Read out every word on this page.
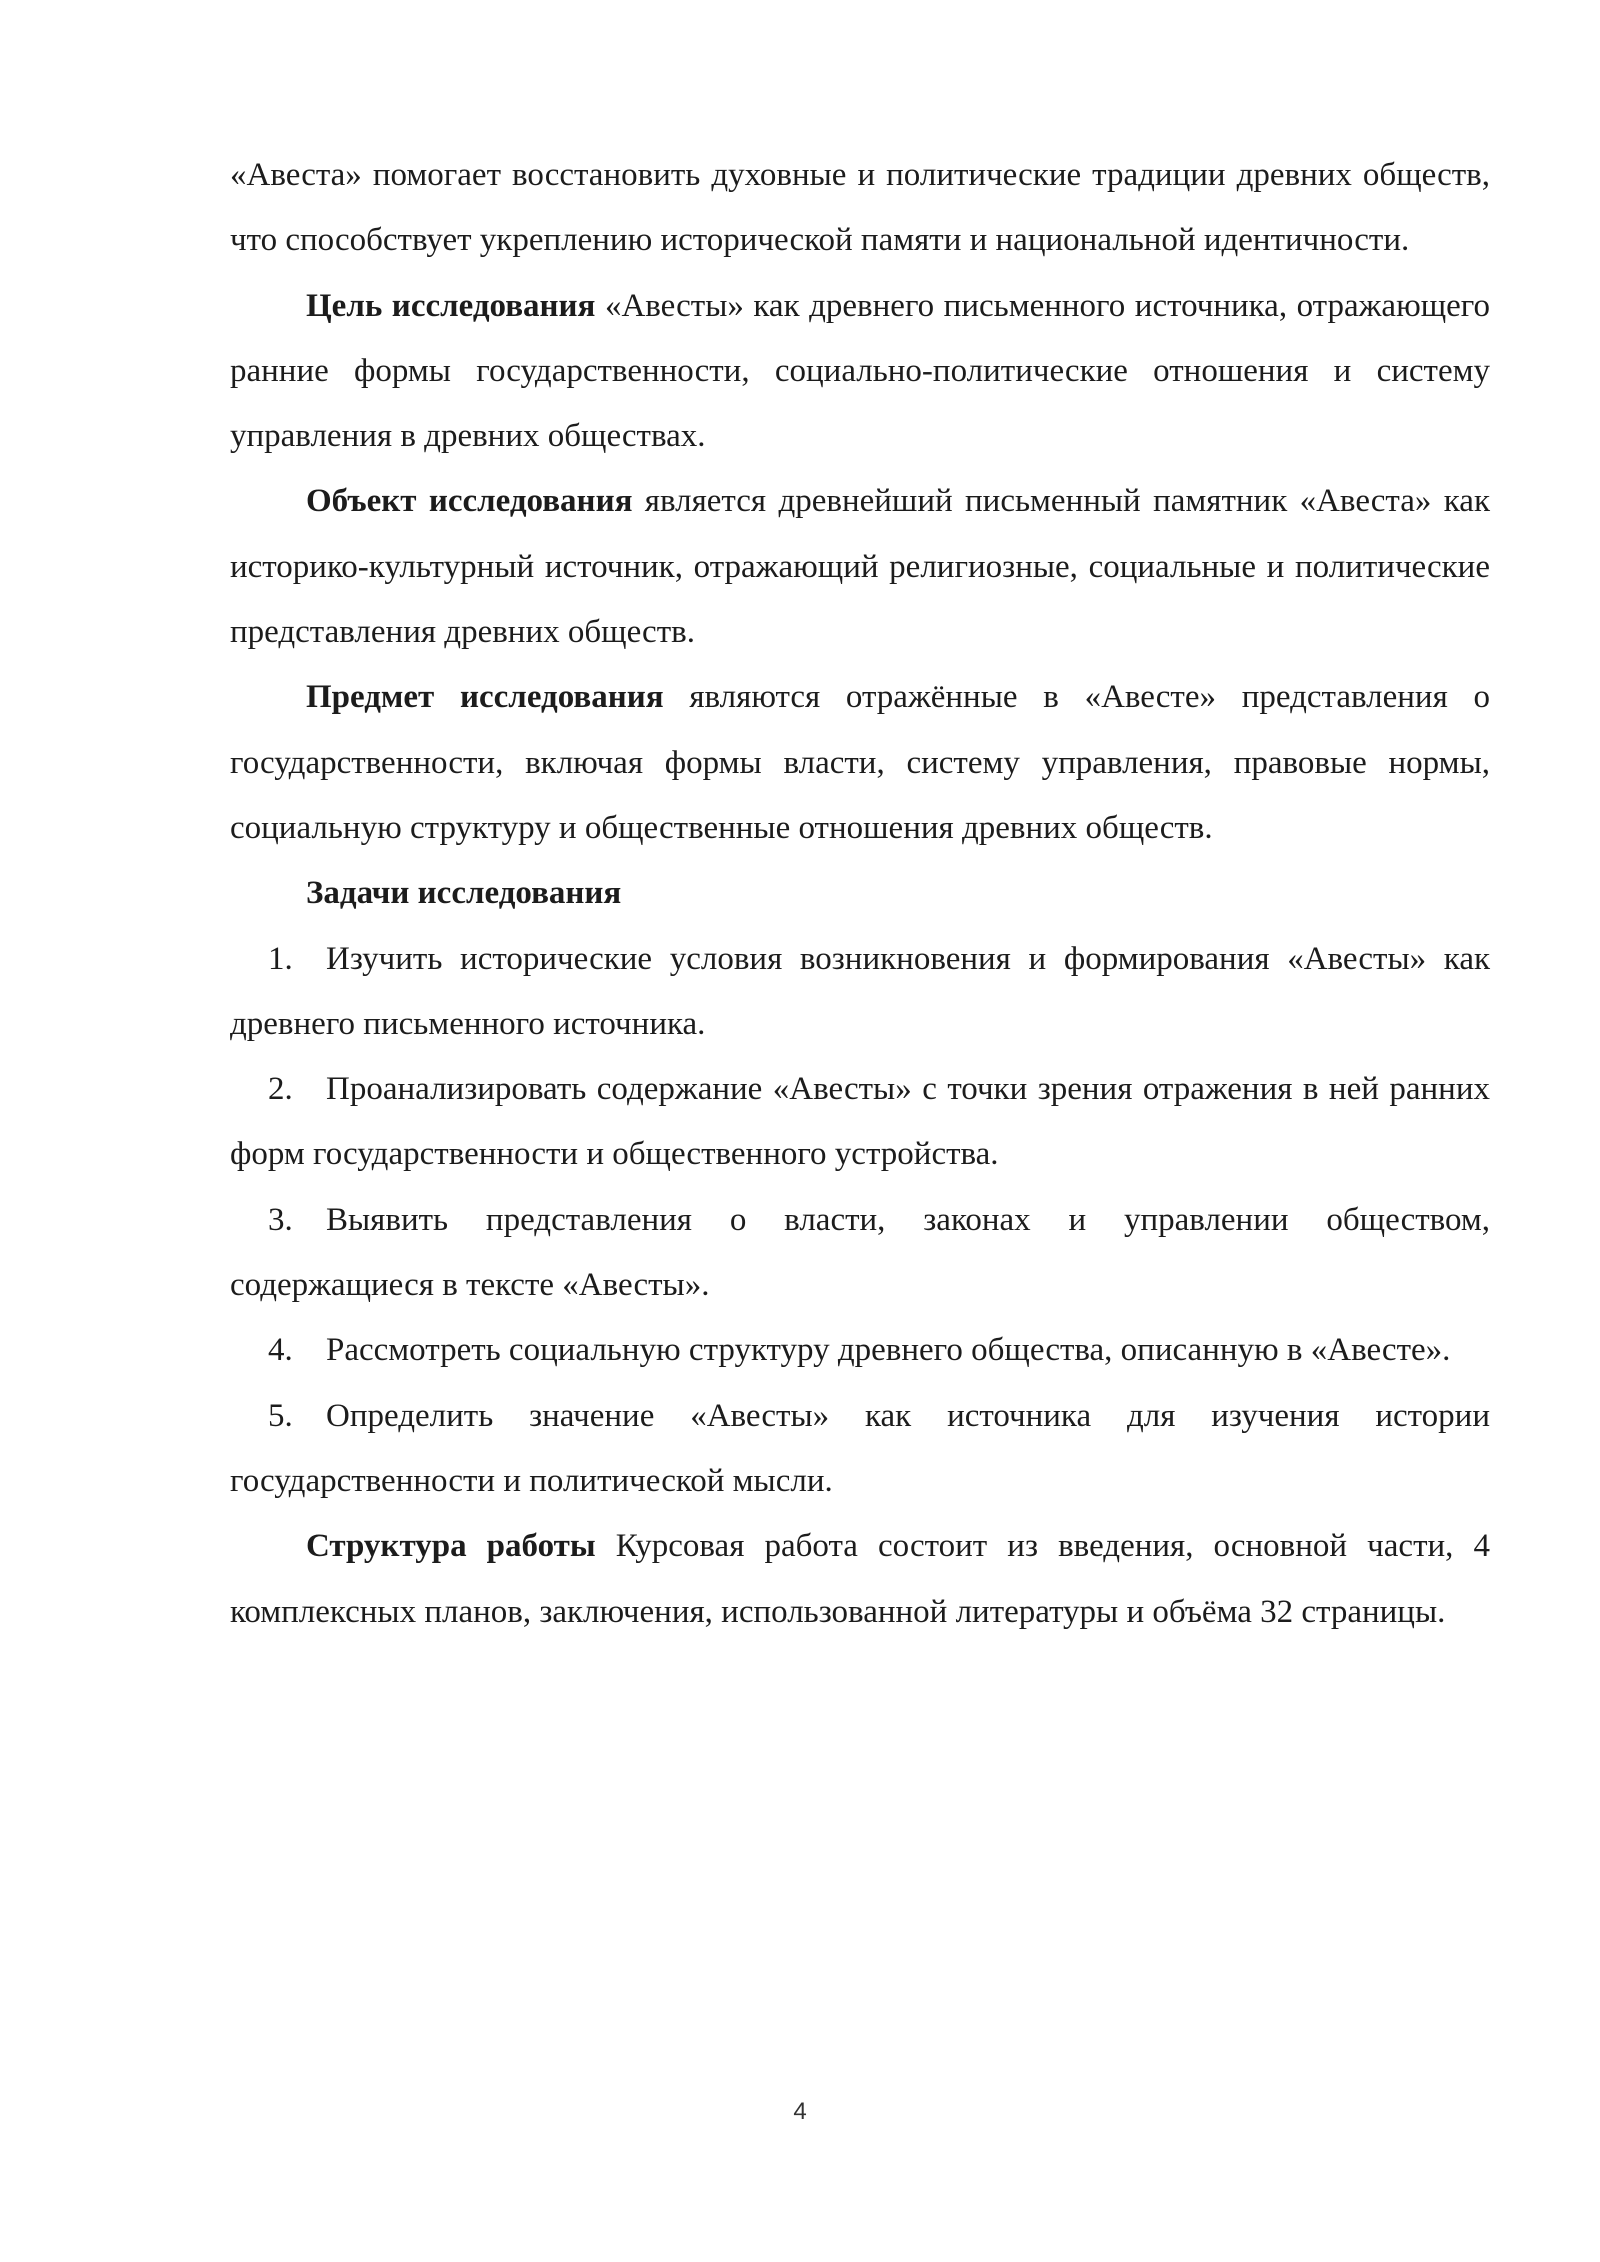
«Авеста» помогает восстановить духовные и политические традиции древних обществ, что способствует укреплению исторической памяти и национальной идентичности.

Цель исследования «Авесты» как древнего письменного источника, отражающего ранние формы государственности, социально-политические отношения и систему управления в древних обществах.

Объект исследования является древнейший письменный памятник «Авеста» как историко-культурный источник, отражающий религиозные, социальные и политические представления древних обществ.

Предмет исследования являются отражённые в «Авесте» представления о государственности, включая формы власти, систему управления, правовые нормы, социальную структуру и общественные отношения древних обществ.

Задачи исследования

1. Изучить исторические условия возникновения и формирования «Авесты» как древнего письменного источника.

2. Проанализировать содержание «Авесты» с точки зрения отражения в ней ранних форм государственности и общественного устройства.

3. Выявить представления о власти, законах и управлении обществом, содержащиеся в тексте «Авесты».

4. Рассмотреть социальную структуру древнего общества, описанную в «Авесте».

5. Определить значение «Авесты» как источника для изучения истории государственности и политической мысли.

Структура работы Курсовая работа состоит из введения, основной части, 4 комплексных планов, заключения, использованной литературы и объёма 32 страницы.

4
